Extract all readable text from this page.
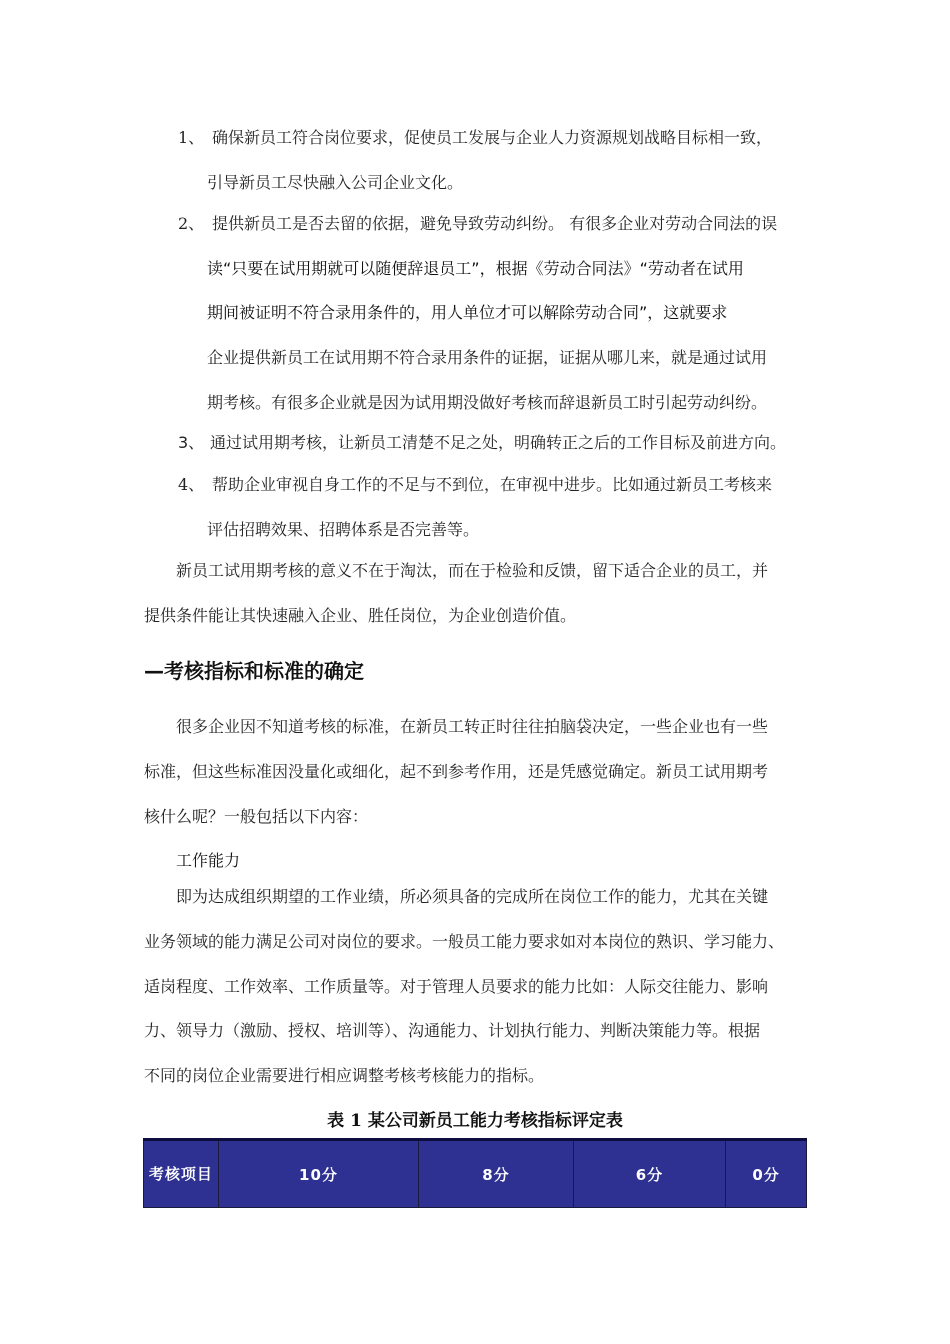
1、 确保新员工符合岗位要求，促使员工发展与企业人力资源规划战略目标相一致，
引导新员工尽快融入公司企业文化。
2、 提供新员工是否去留的依据，避免导致劳动纠纷。 有很多企业对劳动合同法的误
读“只要在试用期就可以随便辞退员工”，根据《劳动合同法》“劳动者在试用
期间被证明不符合录用条件的，用人单位才可以解除劳动合同”，这就要求
企业提供新员工在试用期不符合录用条件的证据，证据从哪儿来，就是通过试用
期考核。有很多企业就是因为试用期没做好考核而辞退新员工时引起劳动纠纷。
3、 通过试用期考核，让新员工清楚不足之处，明确转正之后的工作目标及前进方向。
4、 帮助企业审视自身工作的不足与不到位，在审视中进步。比如通过新员工考核来
评估招聘效果、招聘体系是否完善等。
新员工试用期考核的意义不在于淘汰，而在于检验和反馈，留下适合企业的员工，并
提供条件能让其快速融入企业、胜任岗位，为企业创造价值。
—考核指标和标准的确定
很多企业因不知道考核的标准，在新员工转正时往往拍脑袋决定，一些企业也有一些
标准，但这些标准因没量化或细化，起不到参考作用，还是凭感觉确定。新员工试用期考
核什么呢？一般包括以下内容：
工作能力
即为达成组织期望的工作业绩，所必须具备的完成所在岗位工作的能力，尤其在关键
业务领域的能力满足公司对岗位的要求。一般员工能力要求如对本岗位的熟识、学习能力、
适岗程度、工作效率、工作质量等。对于管理人员要求的能力比如：人际交往能力、影响
力、领导力（激励、授权、培训等）、沟通能力、计划执行能力、判断决策能力等。根据
不同的岗位企业需要进行相应调整考核考核能力的指标。
表 1 某公司新员工能力考核指标评定表
考核项目	10分	8分	6分	0分
